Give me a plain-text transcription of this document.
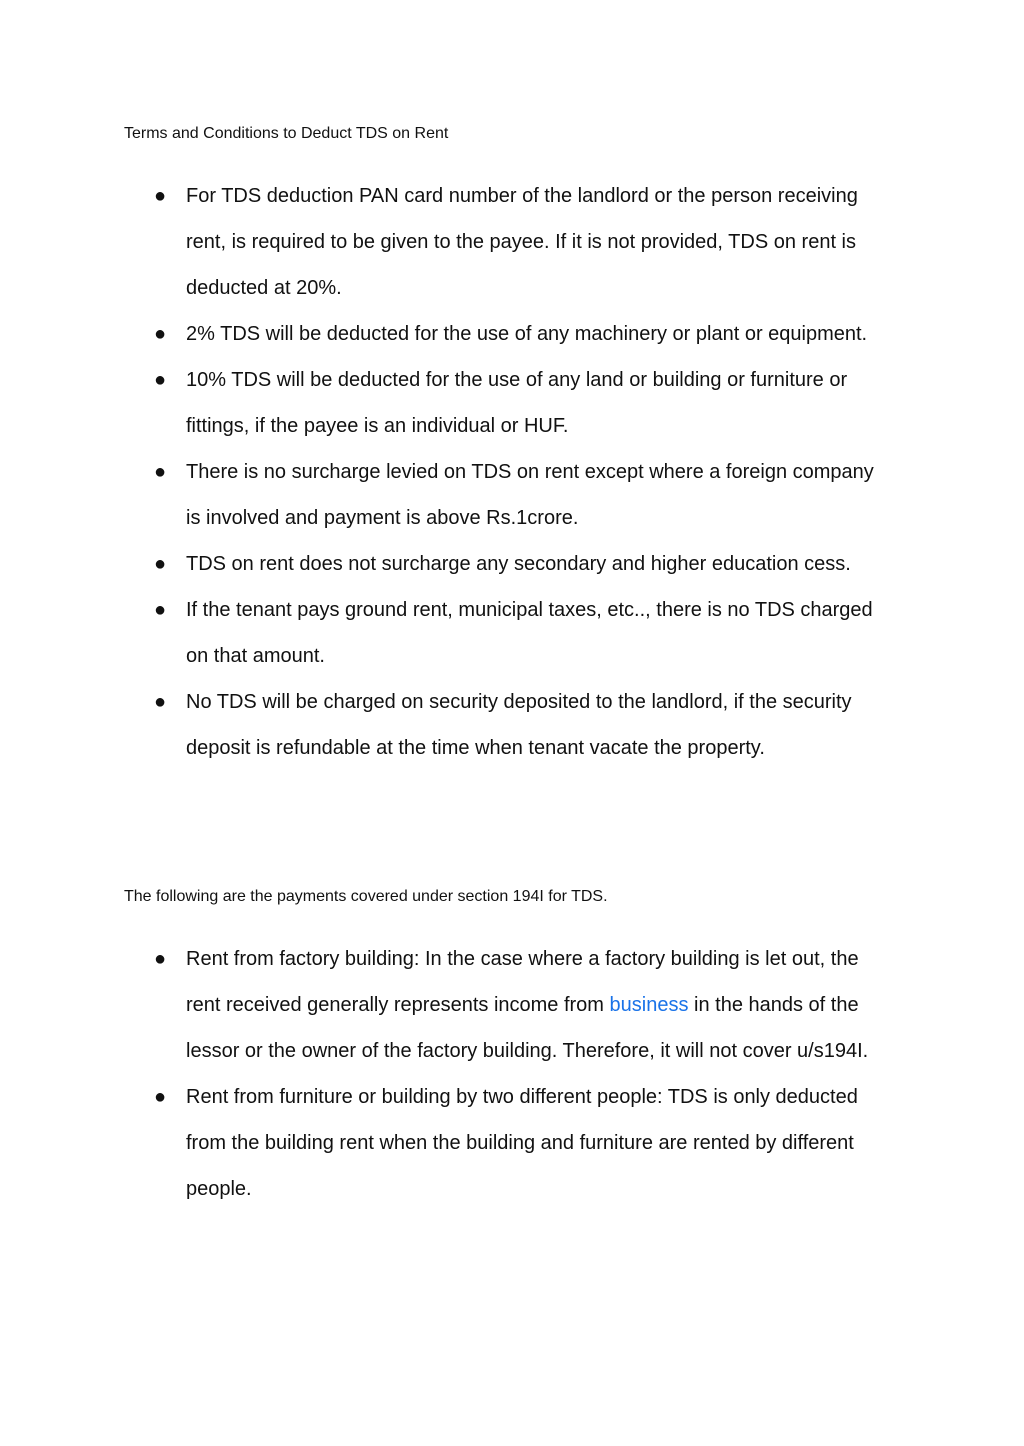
Terms and Conditions to Deduct TDS on Rent

● For TDS deduction PAN card number of the landlord or the person receiving rent, is required to be given to the payee. If it is not provided, TDS on rent is deducted at 20%.
● 2% TDS will be deducted for the use of any machinery or plant or equipment.
● 10% TDS will be deducted for the use of any land or building or furniture or fittings, if the payee is an individual or HUF.
● There is no surcharge levied on TDS on rent except where a foreign company is involved and payment is above Rs.1crore.
● TDS on rent does not surcharge any secondary and higher education cess.
● If the tenant pays ground rent, municipal taxes, etc.., there is no TDS charged on that amount.
● No TDS will be charged on security deposited to the landlord, if the security deposit is refundable at the time when tenant vacate the property.

The following are the payments covered under section 194I for TDS.

● Rent from factory building: In the case where a factory building is let out, the rent received generally represents income from business in the hands of the lessor or the owner of the factory building. Therefore, it will not cover u/s194I.
● Rent from furniture or building by two different people: TDS is only deducted from the building rent when the building and furniture are rented by different people.
